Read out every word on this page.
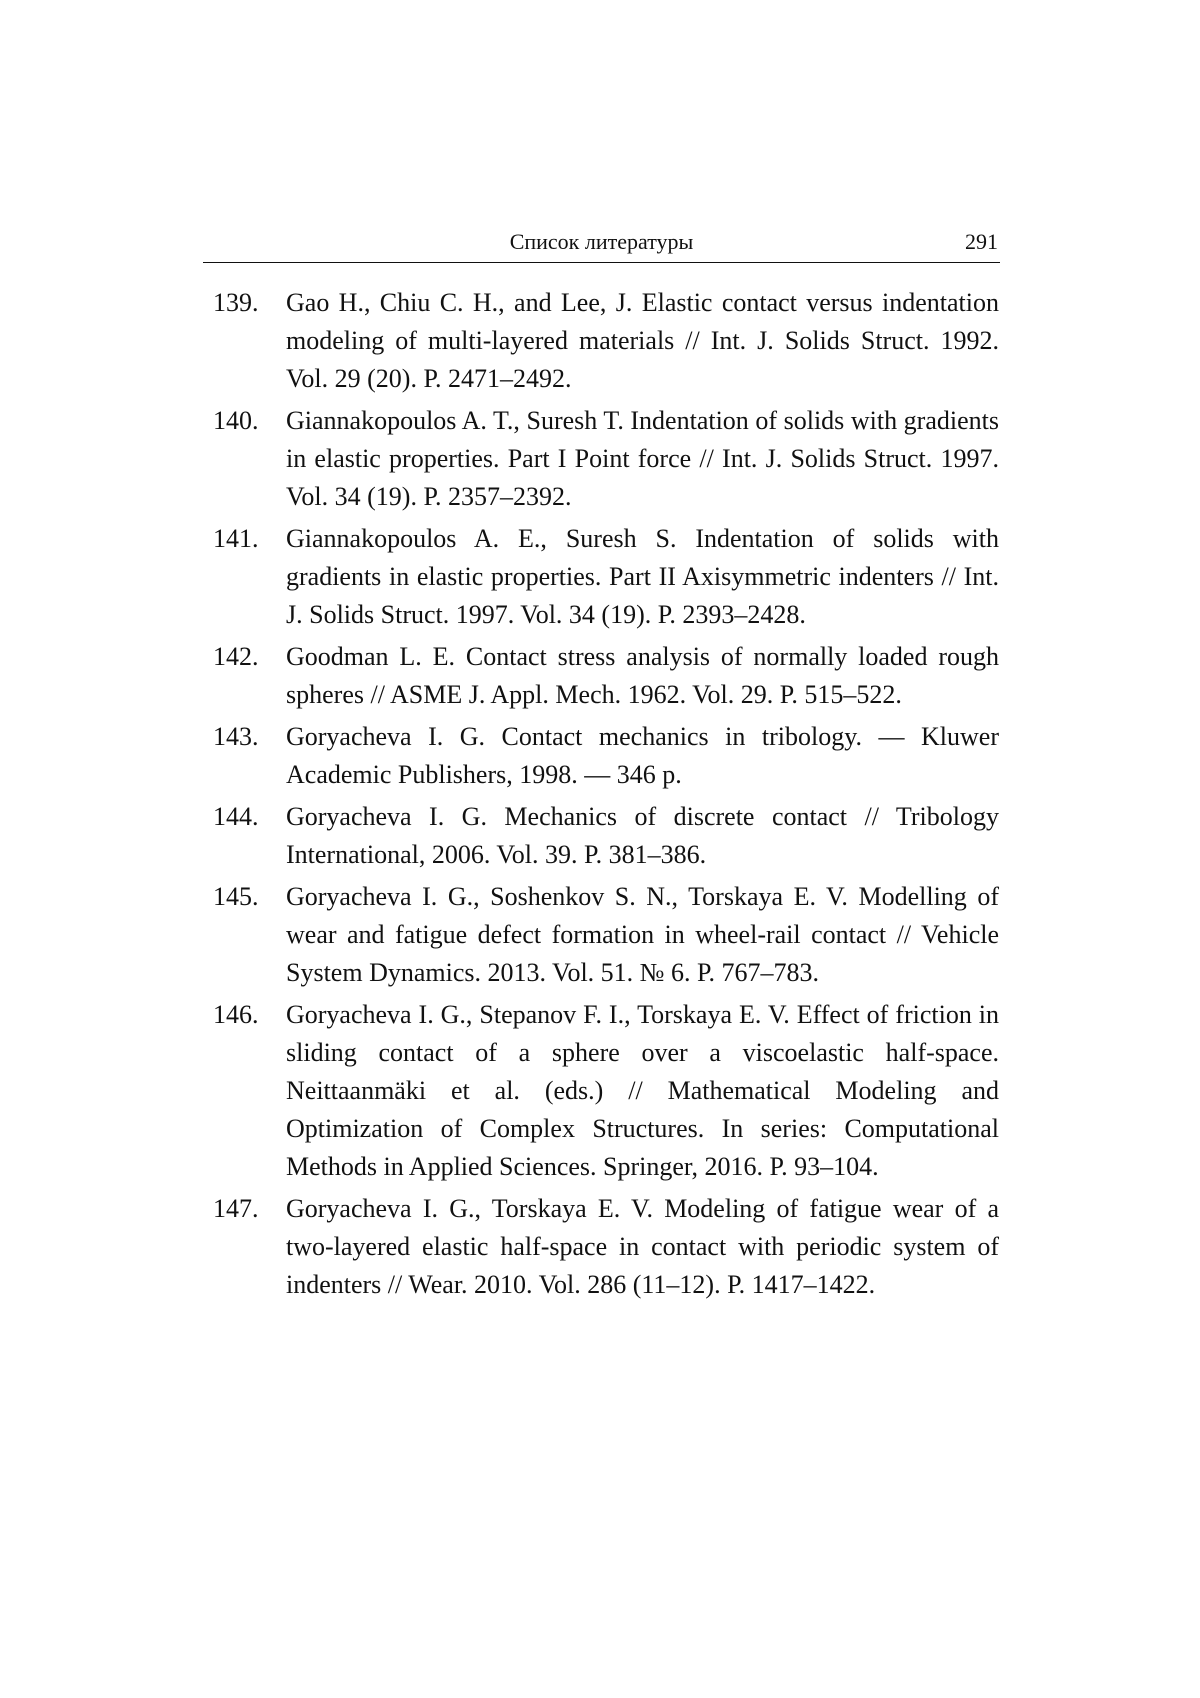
Список литературы	291
139. Gao H., Chiu C. H., and Lee, J. Elastic contact versus indentation modeling of multi-layered materials // Int. J. Solids Struct. 1992. Vol. 29 (20). P. 2471–2492.
140. Giannakopoulos A. T., Suresh T. Indentation of solids with gradients in elastic properties. Part I Point force // Int. J. Solids Struct. 1997. Vol. 34 (19). P. 2357–2392.
141. Giannakopoulos A. E., Suresh S. Indentation of solids with gradients in elastic properties. Part II Axisymmetric indenters // Int. J. Solids Struct. 1997. Vol. 34 (19). P. 2393–2428.
142. Goodman L. E. Contact stress analysis of normally loaded rough spheres // ASME J. Appl. Mech. 1962. Vol. 29. P. 515–522.
143. Goryacheva I. G. Contact mechanics in tribology. — Kluwer Academic Publishers, 1998. — 346 p.
144. Goryacheva I. G. Mechanics of discrete contact // Tribology International, 2006. Vol. 39. P. 381–386.
145. Goryacheva I. G., Soshenkov S. N., Torskaya E. V. Modelling of wear and fatigue defect formation in wheel-rail contact // Vehicle System Dynamics. 2013. Vol. 51. № 6. P. 767–783.
146. Goryacheva I. G., Stepanov F. I., Torskaya E. V. Effect of friction in sliding contact of a sphere over a viscoelastic half-space. Neittaanmäki et al. (eds.) // Mathematical Modeling and Optimization of Complex Structures. In series: Computational Methods in Applied Sciences. Springer, 2016. P. 93–104.
147. Goryacheva I. G., Torskaya E. V. Modeling of fatigue wear of a two-layered elastic half-space in contact with periodic system of indenters // Wear. 2010. Vol. 286 (11–12). P. 1417–1422.
